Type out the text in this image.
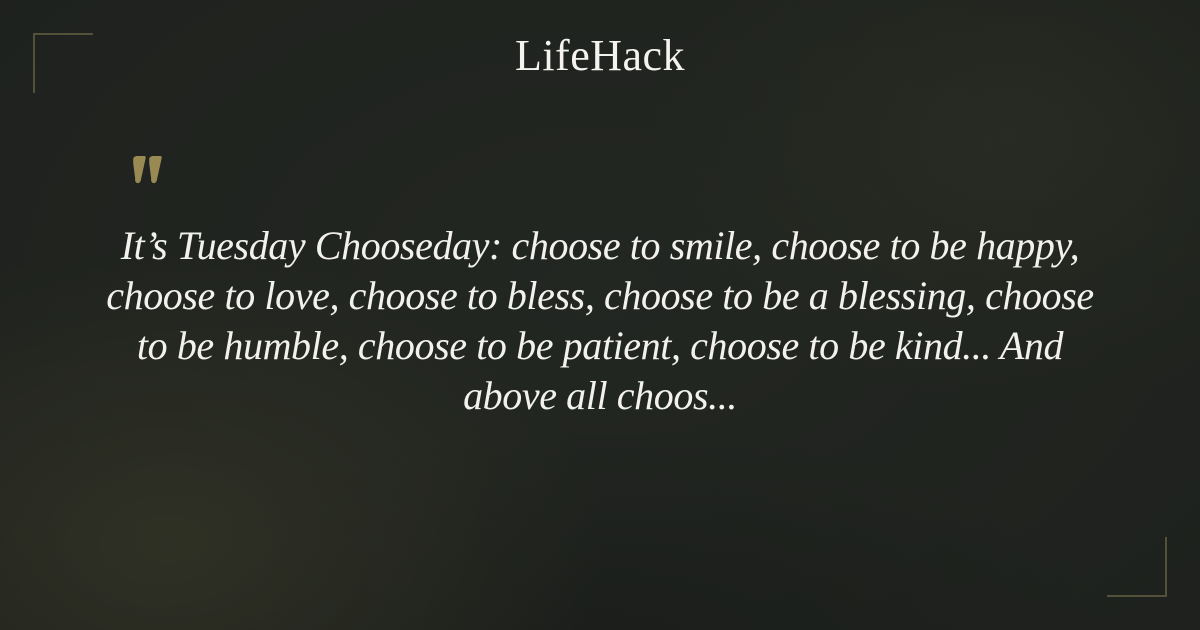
LifeHack
It’s Tuesday Chooseday: choose to smile, choose to be happy,
choose to love, choose to bless, choose to be a blessing, choose
to be humble, choose to be patient, choose to be kind... And
above all choos...
